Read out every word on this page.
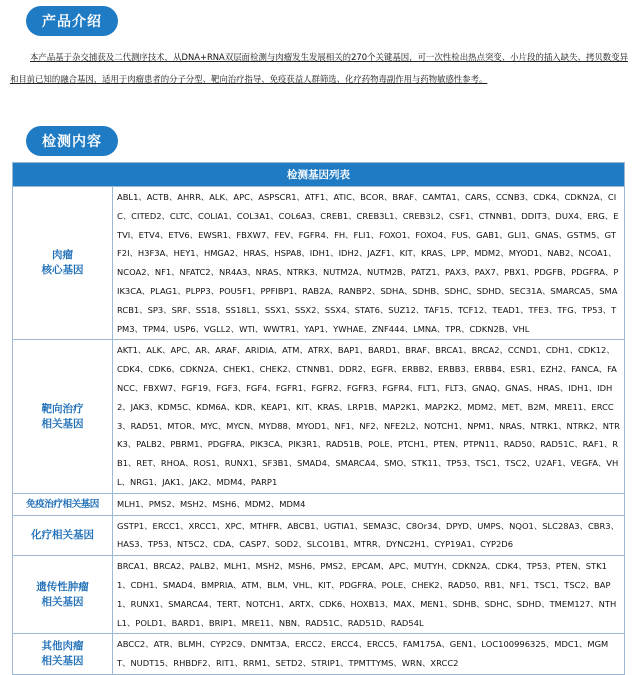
产品介绍

本产品基于杂交捕获及二代测序技术，从DNA+RNA双层面检测与肉瘤发生发展相关的270个关键基因，可一次性检出热点突变、小片段的插入缺失、拷贝数变异和目前已知的融合基因，适用于肉瘤患者的分子分型、靶向治疗指导、免疫获益人群筛选、化疗药物毒副作用与药物敏感性参考。

检测内容
检测基因列表	
肉瘤
核心基因	ABL1、ACTB、AHRR、ALK、APC、ASPSCR1、ATF1、ATIC、BCOR、BRAF、CAMTA1、CARS、CCNB3、CDK4、CDKN2A、CIC、CITED2、CLTC、COLIA1、COL3A1、COL6A3、CREB1、CREB3L1、CREB3L2、CSF1、CTNNB1、DDIT3、DUX4、ERG、ETVI、ETV4、ETV6、EWSR1、FBXW7、FEV、FGFR4、FH、FLI1、FOXO1、FOXO4、FUS、GAB1、GLI1、GNAS、GSTM5、GTF2I、H3F3A、HEY1、HMGA2、HRAS、HSPA8、IDH1、IDH2、JAZF1、KIT、KRAS、LPP、MDM2、MYOD1、NAB2、NCOA1、NCOA2、NF1、NFATC2、NR4A3、NRAS、NTRK3、NUTM2A、NUTM2B、PATZ1、PAX3、PAX7、PBX1、PDGFB、PDGFRA、PIK3CA、PLAG1、PLPP3、POU5F1、PPFIBP1、RAB2A、RANBP2、SDHA、SDHB、SDHC、SDHD、SEC31A、SMARCA5、SMARCB1、SP3、SRF、SS18、SS18L1、SSX1、SSX2、SSX4、STAT6、SUZ12、TAF15、TCF12、TEAD1、TFE3、TFG、TP53、TPM3、TPM4、USP6、VGLL2、WTI、WWTR1、YAP1、YWHAE、ZNF444、LMNA、TPR、CDKN2B、VHL
靶向治疗
相关基因	AKT1、ALK、APC、AR、ARAF、ARIDIA、ATM、ATRX、BAP1、BARD1、BRAF、BRCA1、BRCA2、CCND1、CDH1、CDK12、CDK4、CDK6、CDKN2A、CHEK1、CHEK2、CTNNB1、DDR2、EGFR、ERBB2、ERBB3、ERBB4、ESR1、EZH2、FANCA、FANCC、FBXW7、FGF19、FGF3、FGF4、FGFR1、FGFR2、FGFR3、FGFR4、FLT1、FLT3、GNAQ、GNAS、HRAS、IDH1、IDH2、JAK3、KDM5C、KDM6A、KDR、KEAP1、KIT、KRAS、LRP1B、MAP2K1、MAP2K2、MDM2、MET、B2M、MRE11、ERCC3、RAD51、MTOR、MYC、MYCN、MYD88、MYOD1、NF1、NF2、NFE2L2、NOTCH1、NPM1、NRAS、NTRK1、NTRK2、NTRK3、PALB2、PBRM1、PDGFRA、PIK3CA、PIK3R1、RAD51B、POLE、PTCH1、PTEN、PTPN11、RAD50、RAD51C、RAF1、RB1、RET、RHOA、ROS1、RUNX1、SF3B1、SMAD4、SMARCA4、SMO、STK11、TP53、TSC1、TSC2、U2AF1、VEGFA、VHL、NRG1、JAK1、JAK2、MDM4、PARP1
免疫治疗相关基因	MLH1、PMS2、MSH2、MSH6、MDM2、MDM4
化疗相关基因	GSTP1、ERCC1、XRCC1、XPC、MTHFR、ABCB1、UGTIA1、SEMA3C、C8Or34、DPYD、UMPS、NQO1、SLC28A3、CBR3、HAS3、TP53、NT5C2、CDA、CASP7、SOD2、SLCO1B1、MTRR、DYNC2H1、CYP19A1、CYP2D6
遗传性肿瘤
相关基因	BRCA1、BRCA2、PALB2、MLH1、MSH2、MSH6、PMS2、EPCAM、APC、MUTYH、CDKN2A、CDK4、TP53、PTEN、STK11、CDH1、SMAD4、BMPRIA、ATM、BLM、VHL、KIT、PDGFRA、POLE、CHEK2、RAD50、RB1、NF1、TSC1、TSC2、BAP1、RUNX1、SMARCA4、TERT、NOTCH1、ARTX、CDK6、HOXB13、MAX、MEN1、SDHB、SDHC、SDHD、TMEM127、NTHL1、POLD1、BARD1、BRIP1、MRE11、NBN、RAD51C、RAD51D、RAD54L
其他肉瘤
相关基因	ABCC2、ATR、BLMH、CYP2C9、DNMT3A、ERCC2、ERCC4、ERCC5、FAM175A、GEN1、LOC100996325、MDC1、MGMT、NUDT15、RHBDF2、RIT1、RRM1、SETD2、STRIP1、TPMTTYMS、WRN、XRCC2
